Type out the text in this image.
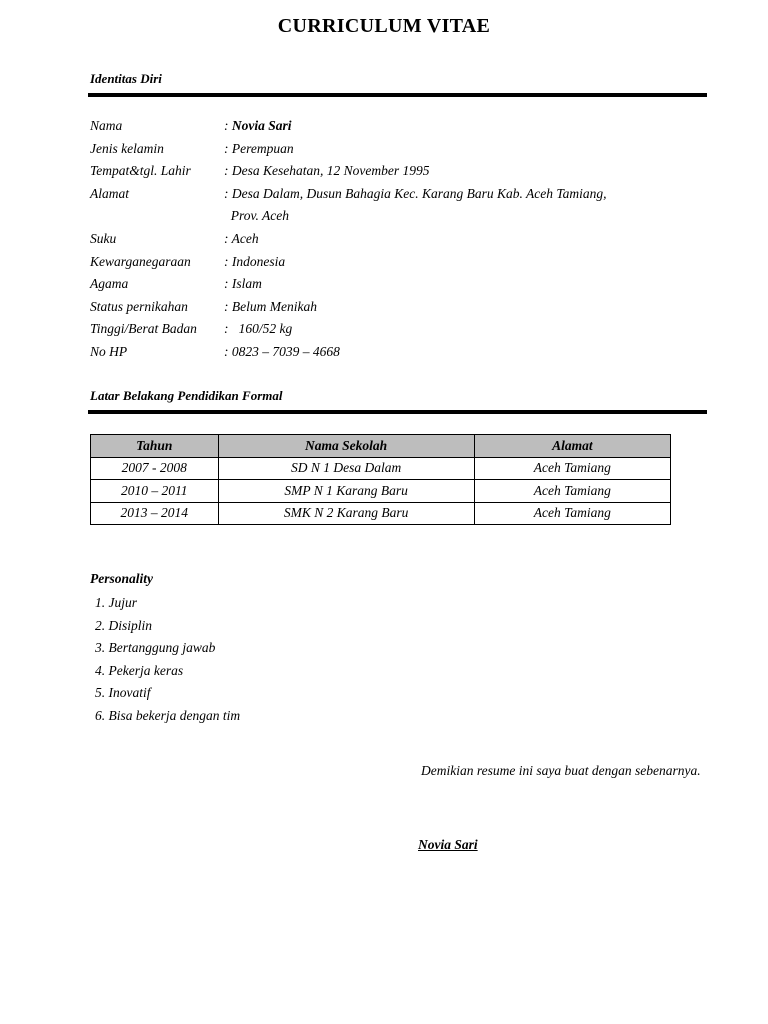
CURRICULUM VITAE
Identitas Diri
Nama	: Novia Sari
Jenis kelamin	: Perempuan
Tempat&tgl. Lahir	: Desa Kesehatan, 12 November 1995
Alamat	: Desa Dalam, Dusun Bahagia Kec. Karang Baru Kab. Aceh Tamiang,
Prov. Aceh
Suku	: Aceh
Kewarganegaraan	: Indonesia
Agama	: Islam
Status pernikahan	: Belum Menikah
Tinggi/Berat Badan	:   160/52 kg
No HP	: 0823 – 7039 – 4668
Latar Belakang Pendidikan Formal
Tahun	Nama Sekolah	Alamat
2007 - 2008	SD N 1 Desa Dalam	Aceh Tamiang
2010 – 2011	SMP N 1 Karang Baru	Aceh Tamiang
2013 – 2014	SMK N 2 Karang Baru	Aceh Tamiang
Personality
1. Jujur
2. Disiplin
3. Bertanggung jawab
4. Pekerja keras
5. Inovatif
6. Bisa bekerja dengan tim
Demikian resume ini saya buat dengan sebenarnya.
Novia Sari
